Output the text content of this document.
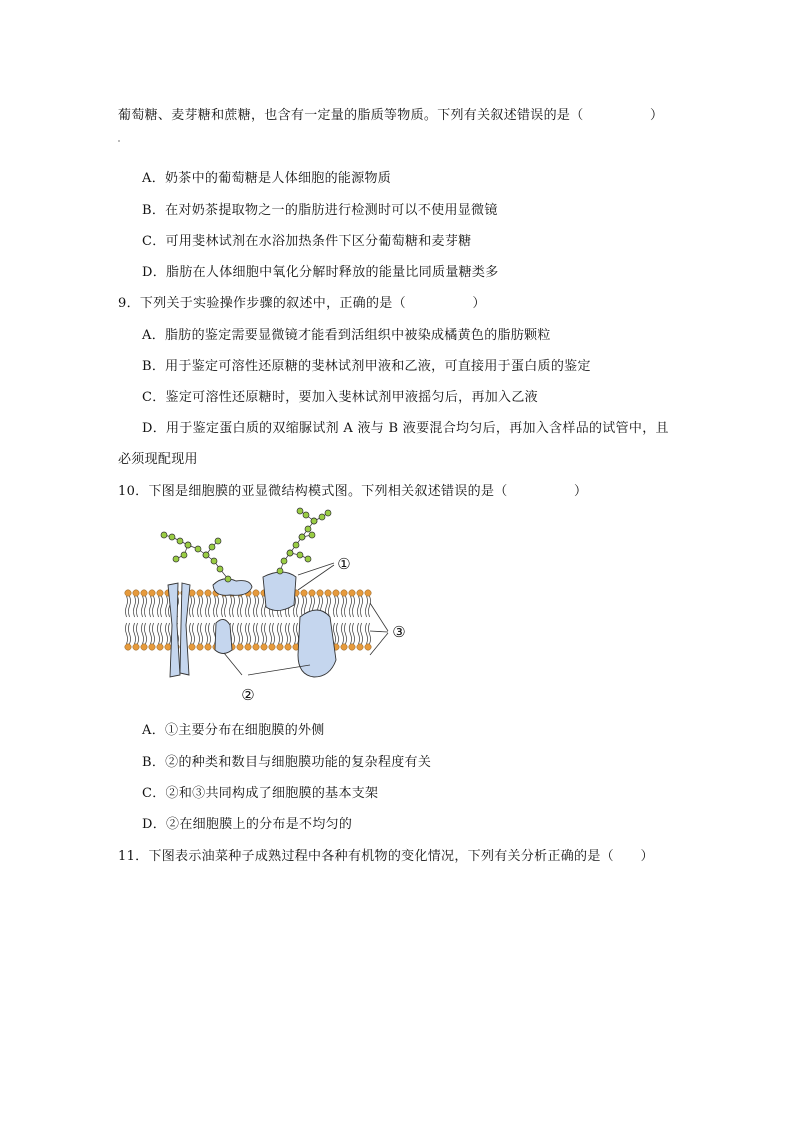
葡萄糖、麦芽糖和蔗糖，也含有一定量的脂质等物质。下列有关叙述错误的是（　　　　　）
A．奶茶中的葡萄糖是人体细胞的能源物质
B．在对奶茶提取物之一的脂肪进行检测时可以不使用显微镜
C．可用斐林试剂在水浴加热条件下区分葡萄糖和麦芽糖
D．脂肪在人体细胞中氧化分解时释放的能量比同质量糖类多
9．下列关于实验操作步骤的叙述中，正确的是（　　　　　）
A．脂肪的鉴定需要显微镜才能看到活组织中被染成橘黄色的脂肪颗粒
B．用于鉴定可溶性还原糖的斐林试剂甲液和乙液，可直接用于蛋白质的鉴定
C．鉴定可溶性还原糖时，要加入斐林试剂甲液摇匀后，再加入乙液
D．用于鉴定蛋白质的双缩脲试剂 A 液与 B 液要混合均匀后，再加入含样品的试管中，且
必须现配现用
10．下图是细胞膜的亚显微结构模式图。下列相关叙述错误的是（　　　　　）
①
③
②
A．①主要分布在细胞膜的外侧
B．②的种类和数目与细胞膜功能的复杂程度有关
C．②和③共同构成了细胞膜的基本支架
D．②在细胞膜上的分布是不均匀的
11．下图表示油菜种子成熟过程中各种有机物的变化情况，下列有关分析正确的是（　　）
